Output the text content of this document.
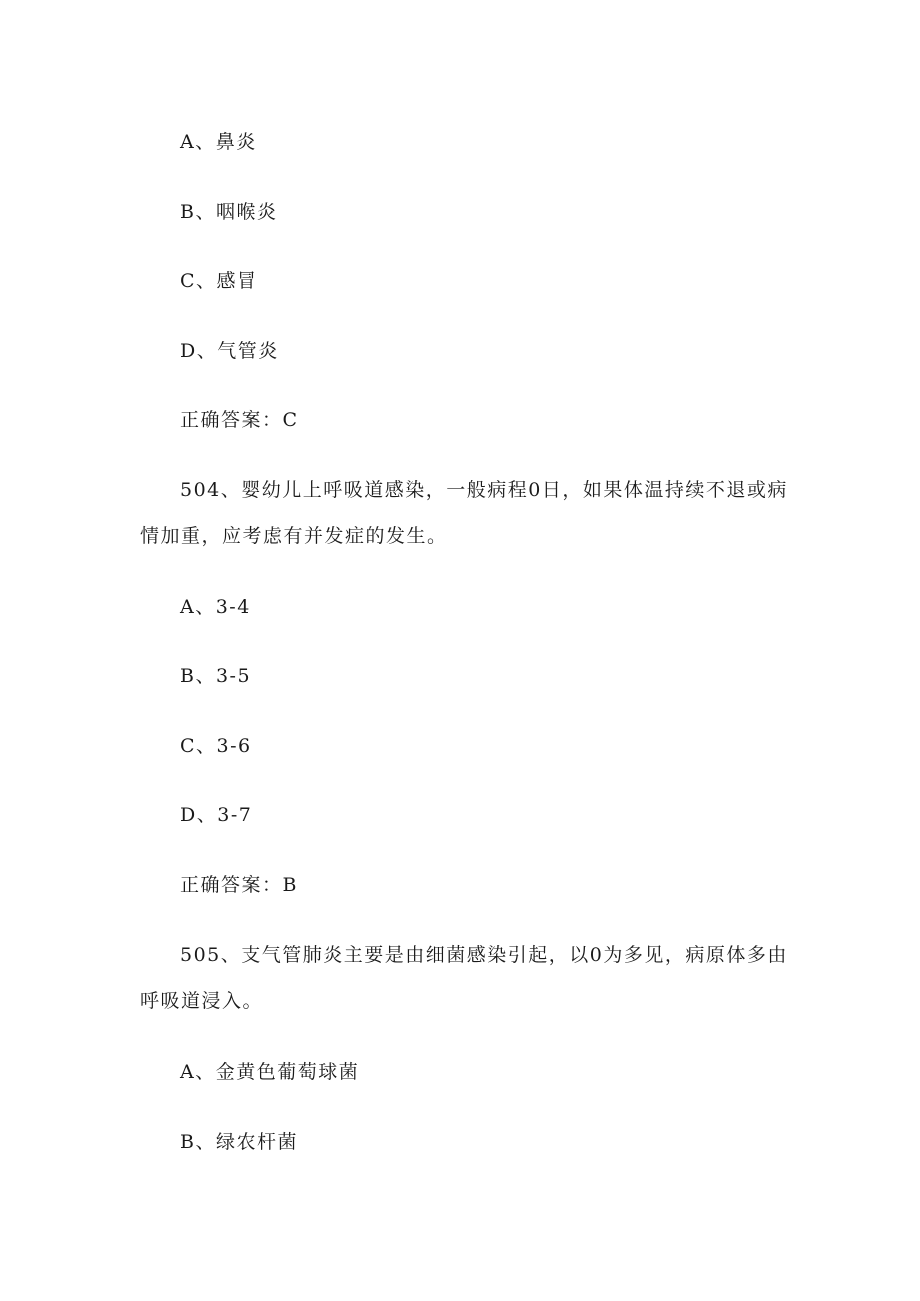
A、鼻炎
B、咽喉炎
C、感冒
D、气管炎
正确答案：C
504、婴幼儿上呼吸道感染，一般病程0日，如果体温持续不退或病
情加重，应考虑有并发症的发生。
A、3-4
B、3-5
C、3-6
D、3-7
正确答案：B
505、支气管肺炎主要是由细菌感染引起，以0为多见，病原体多由
呼吸道浸入。
A、金黄色葡萄球菌
B、绿农杆菌
